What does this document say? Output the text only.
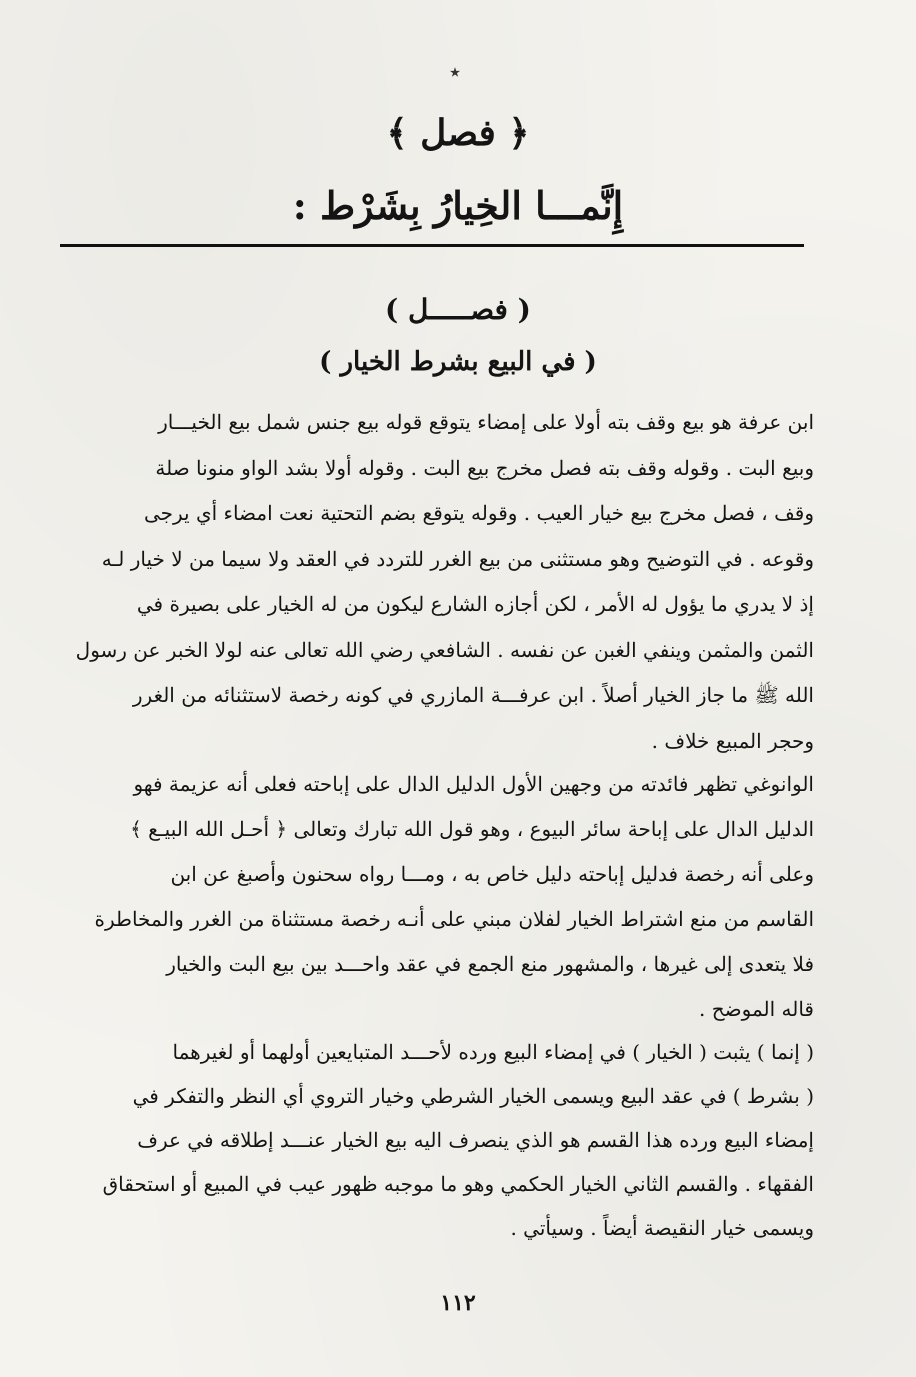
٭
﴿ فصل ﴾
إِنَّمـــا الخِيارُ بِشَرْط :
( فصـــــل )
( في البيع بشرط الخيار )
ابن عرفة هو بيع وقف بته أولا على إمضاء يتوقع قوله بيع جنس شمل بيع الخيـــار
وبيع البت . وقوله وقف بته فصل مخرج بيع البت . وقوله أولا بشد الواو منونا صلة
وقف ، فصل مخرج بيع خيار العيب . وقوله يتوقع بضم التحتية نعت امضاء أي يرجى
وقوعه . في التوضيح وهو مستثنى من بيع الغرر للتردد في العقد ولا سيما من لا خيار لـه
إذ لا يدري ما يؤول له الأمر ، لكن أجازه الشارع ليكون من له الخيار على بصيرة في
الثمن والمثمن وينفي الغبن عن نفسه . الشافعي رضي الله تعالى عنه لولا الخبر عن رسول
الله ﷺ ما جاز الخيار أصلاً . ابن عرفـــة المازري في كونه رخصة لاستثنائه من الغرر
وحجر المبيع خلاف .
الوانوغي تظهر فائدته من وجهين الأول الدليل الدال على إباحته فعلى أنه عزيمة فهو
الدليل الدال على إباحة سائر البيوع ، وهو قول الله تبارك وتعالى ﴿ أحـل الله البيـع ﴾
وعلى أنه رخصة فدليل إباحته دليل خاص به ، ومـــا رواه سحنون وأصبغ عن ابن
القاسم من منع اشتراط الخيار لفلان مبني على أنـه رخصة مستثناة من الغرر والمخاطرة
فلا يتعدى إلى غيرها ، والمشهور منع الجمع في عقد واحـــد بين بيع البت والخيار
قاله الموضح .
( إنما ) يثبت ( الخيار ) في إمضاء البيع ورده لأحـــد المتبايعين أولهما أو لغيرهما
( بشرط ) في عقد البيع ويسمى الخيار الشرطي وخيار التروي أي النظر والتفكر في
إمضاء البيع ورده هذا القسم هو الذي ينصرف اليه بيع الخيار عنـــد إطلاقه في عرف
الفقهاء . والقسم الثاني الخيار الحكمي وهو ما موجبه ظهور عيب في المبيع أو استحقاق
ويسمى خيار النقيصة أيضاً . وسيأتي .
١١٢
